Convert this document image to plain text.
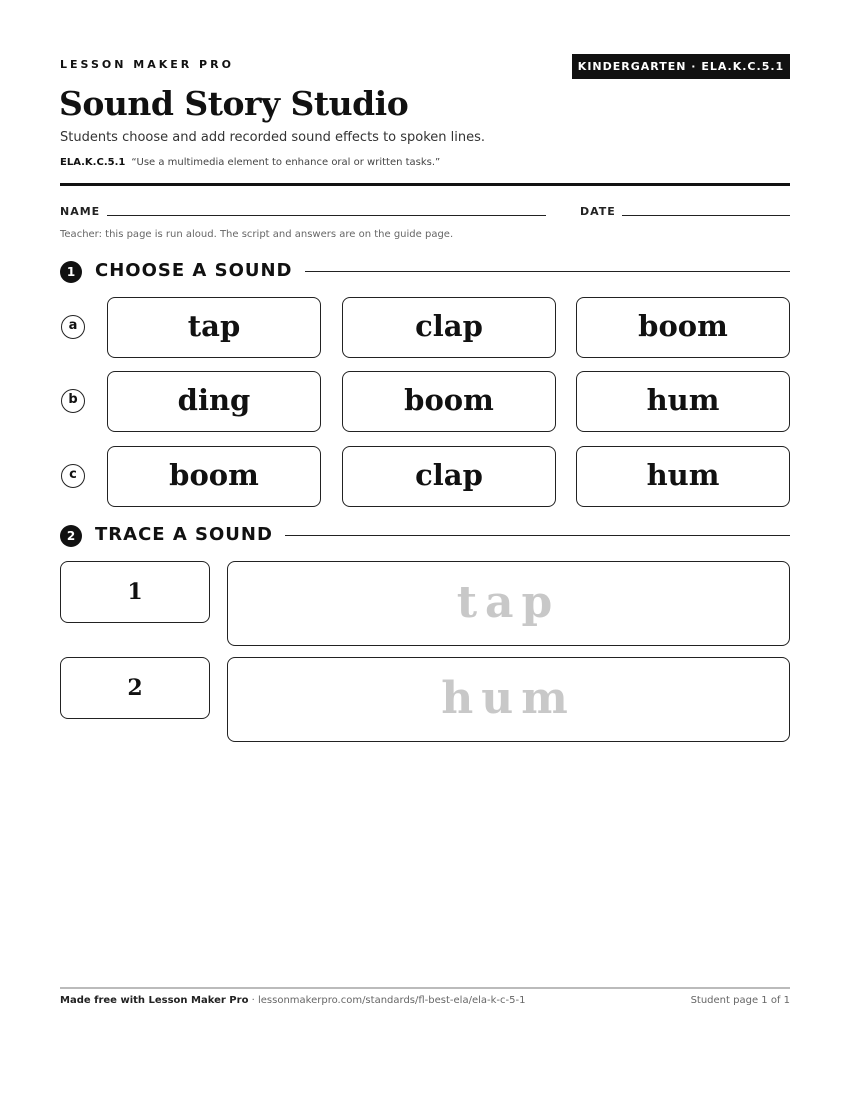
LESSON MAKER PRO	KINDERGARTEN · ELA.K.C.5.1
Sound Story Studio
Students choose and add recorded sound effects to spoken lines.
ELA.K.C.5.1 “Use a multimedia element to enhance oral or written tasks.”
NAME	DATE
Teacher: this page is run aloud. The script and answers are on the guide page.
1	CHOOSE A SOUND
a	tap	clap	boom
b	ding	boom	hum
c	boom	clap	hum
2	TRACE A SOUND
1	tap
2	hum
Made free with Lesson Maker Pro · lessonmakerpro.com/standards/fl-best-ela/ela-k-c-5-1	Student page 1 of 1
